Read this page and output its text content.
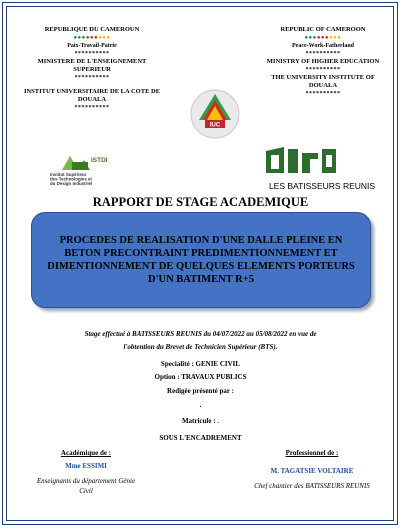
REPUBLIQUE DU CAMEROUN
●●●●●●●●●
Paix-Travail-Patrie
**********
MINISTERE DE L'ENSEIGNEMENT SUPERIEUR
**********
INSTITUT UNIVERSITAIRE DE LA COTE DE DOUALA
**********
REPUBLIC OF CAMEROON
●●●●●●●●●
Peace-Work-Fatherland
**********
MINISTRY OF HIGHER EDUCATION
**********
THE UNIVERSITY INSTITUTE OF DOUALA
**********
IUC
ISTDI
Institut Supérieur
des Technologies et
du Design Industriel	LES BATISSEURS REUNIS
RAPPORT DE STAGE ACADEMIQUE
PROCEDES DE REALISATION D'UNE DALLE PLEINE EN BETON PRECONTRAINT PREDIMENTIONNEMENT ET DIMENTIONNEMENT DE QUELQUES ELEMENTS PORTEURS D'UN BATIMENT R+5
Stage effectué à BATISSEURS REUNIS du 04/07/2022 au 05/08/2022 en vue de
l'obtention du Brevet de Technicien Supérieur (BTS).
Specialité : GENIE CIVIL
Option : TRAVAUX PUBLICS
Redigée présenté par :
.
Matricule : .
SOUS L'ENCADREMENT
Académique de :
Mme ESSIMI
Enseignants du département Génie Civil
Professionnel de :
M. TAGATSIE VOLTAIRE
Chef chantier des BATISSEURS REUNIS
